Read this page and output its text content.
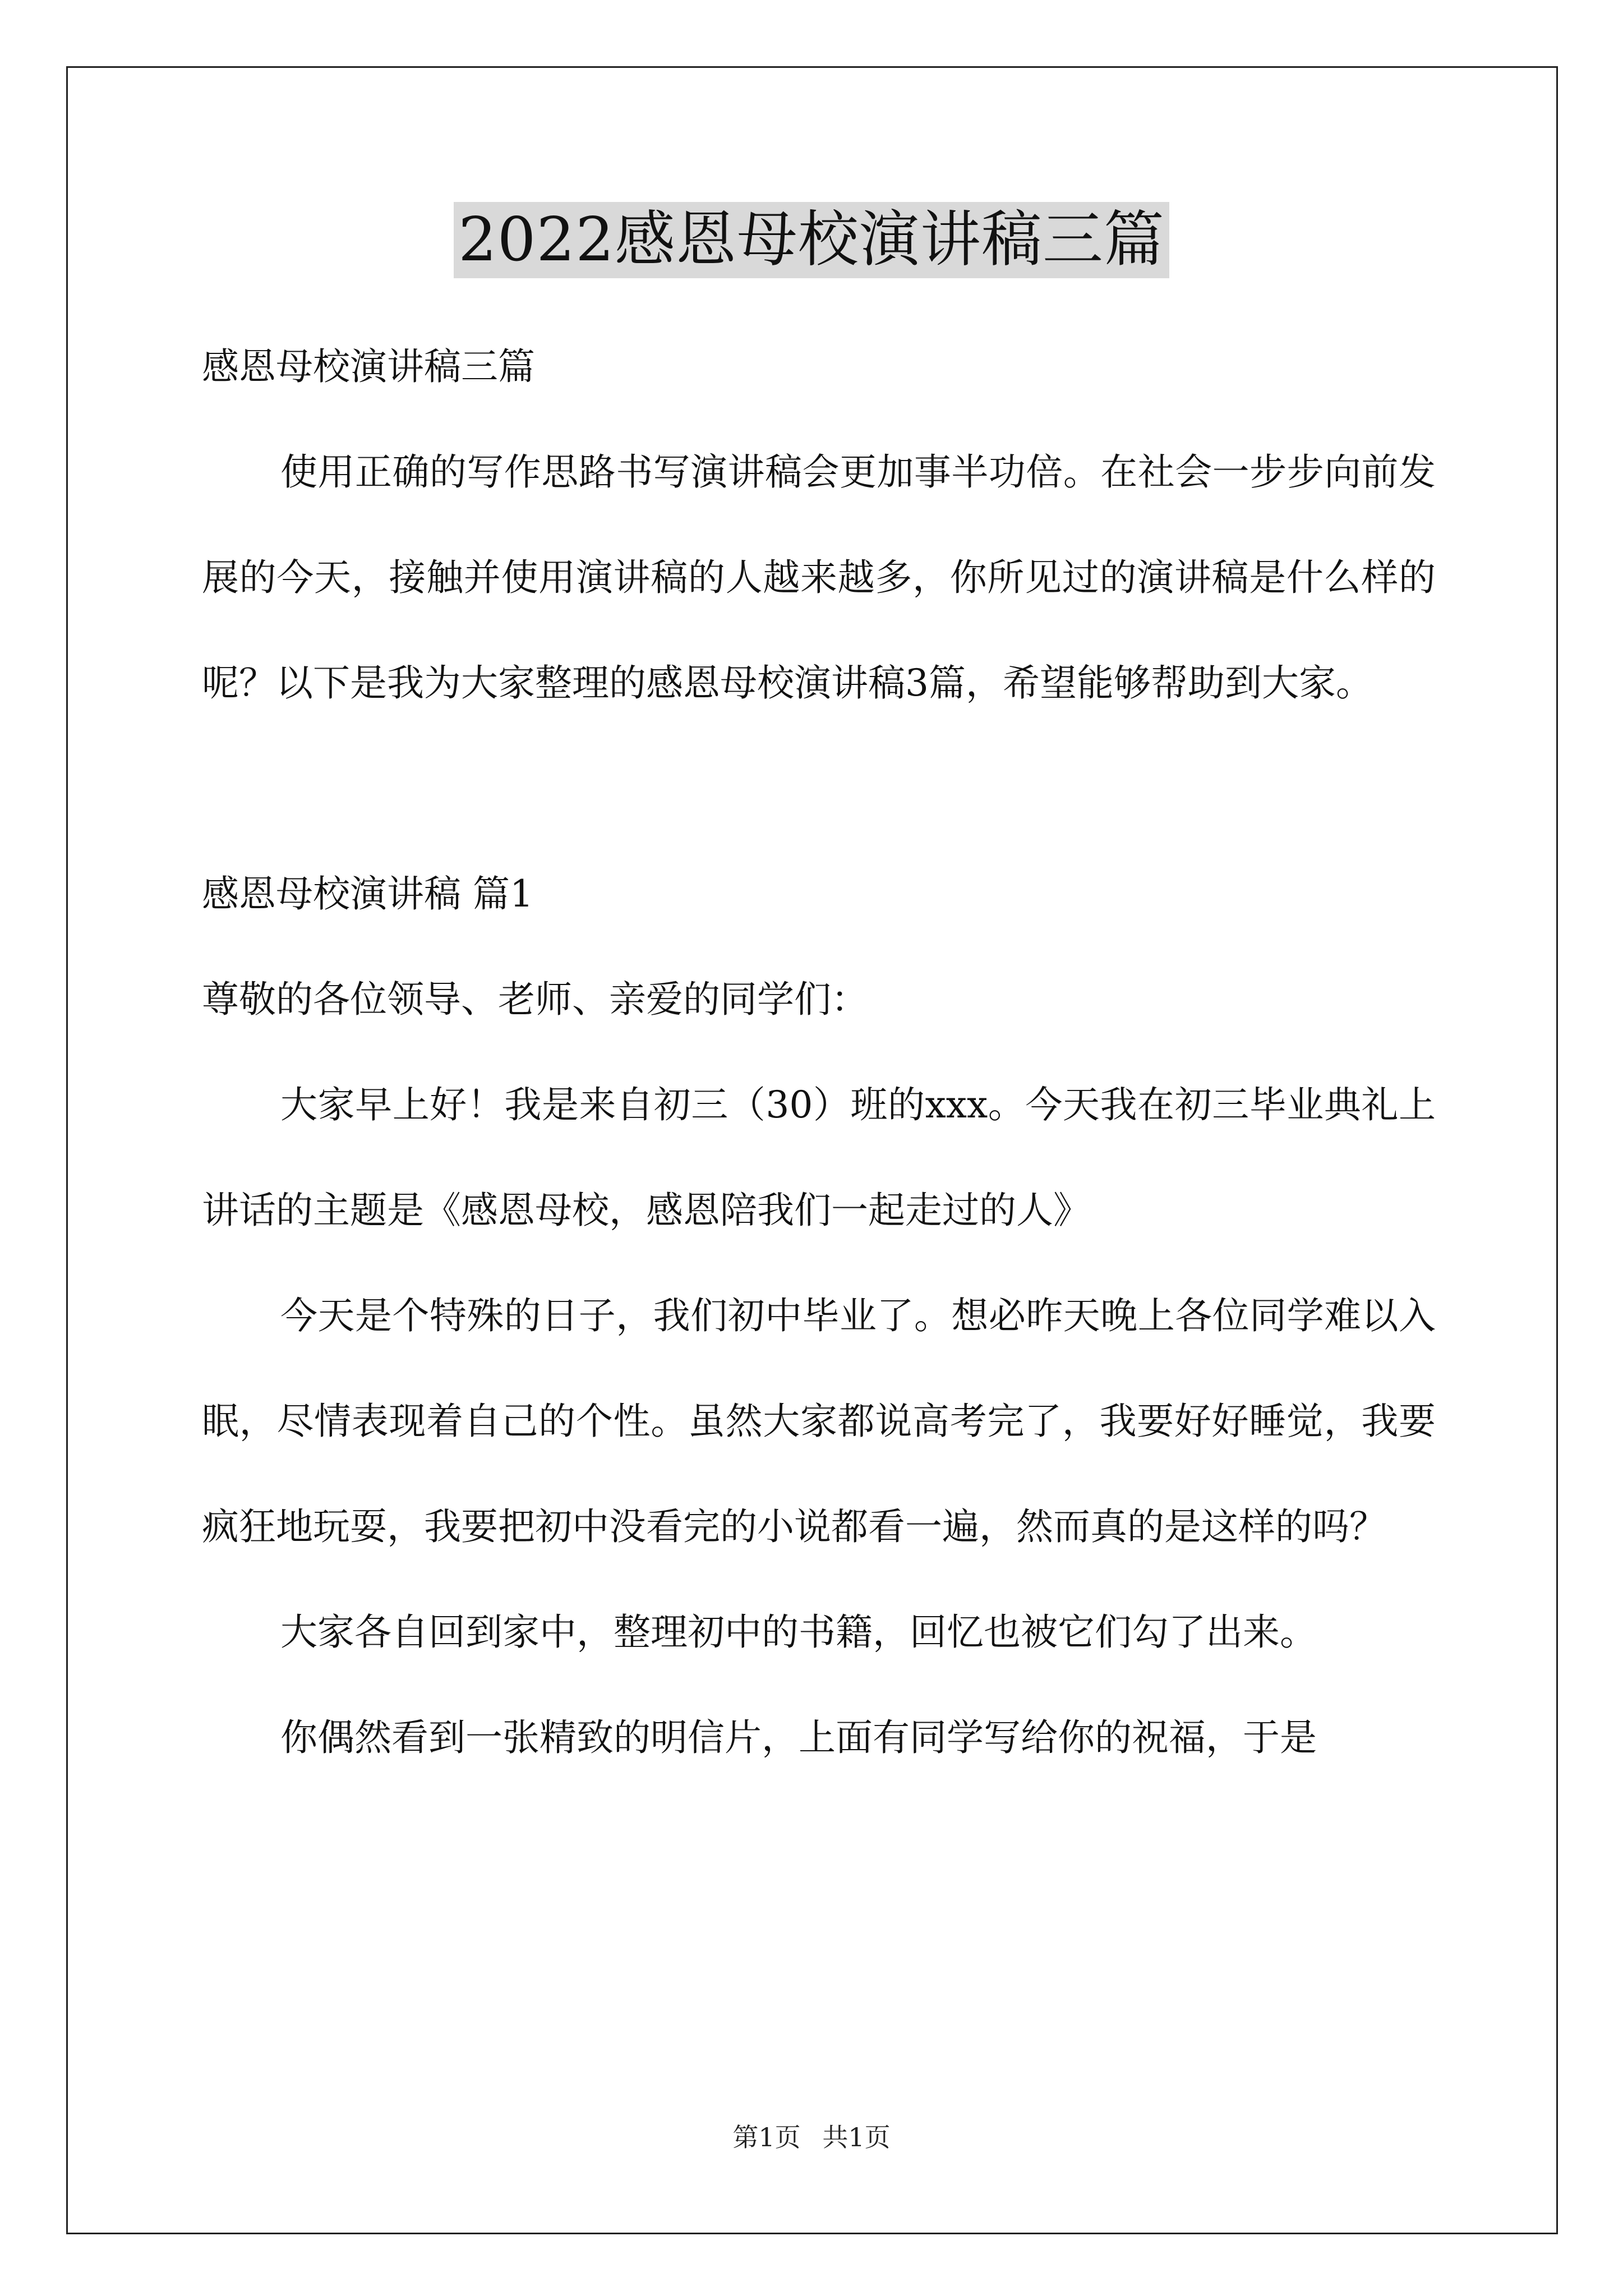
2022感恩母校演讲稿三篇

感恩母校演讲稿三篇

使用正确的写作思路书写演讲稿会更加事半功倍。在社会一步步向前发展的今天，接触并使用演讲稿的人越来越多，你所见过的演讲稿是什么样的呢？以下是我为大家整理的感恩母校演讲稿3篇，希望能够帮助到大家。

感恩母校演讲稿 篇1

尊敬的各位领导、老师、亲爱的同学们：

大家早上好！我是来自初三（30）班的xxx。今天我在初三毕业典礼上讲话的主题是《感恩母校，感恩陪我们一起走过的人》

今天是个特殊的日子，我们初中毕业了。想必昨天晚上各位同学难以入眠，尽情表现着自己的个性。虽然大家都说高考完了，我要好好睡觉，我要疯狂地玩耍，我要把初中没看完的小说都看一遍，然而真的是这样的吗？

大家各自回到家中，整理初中的书籍，回忆也被它们勾了出来。

你偶然看到一张精致的明信片，上面有同学写给你的祝福，于是

第1页 共1页
